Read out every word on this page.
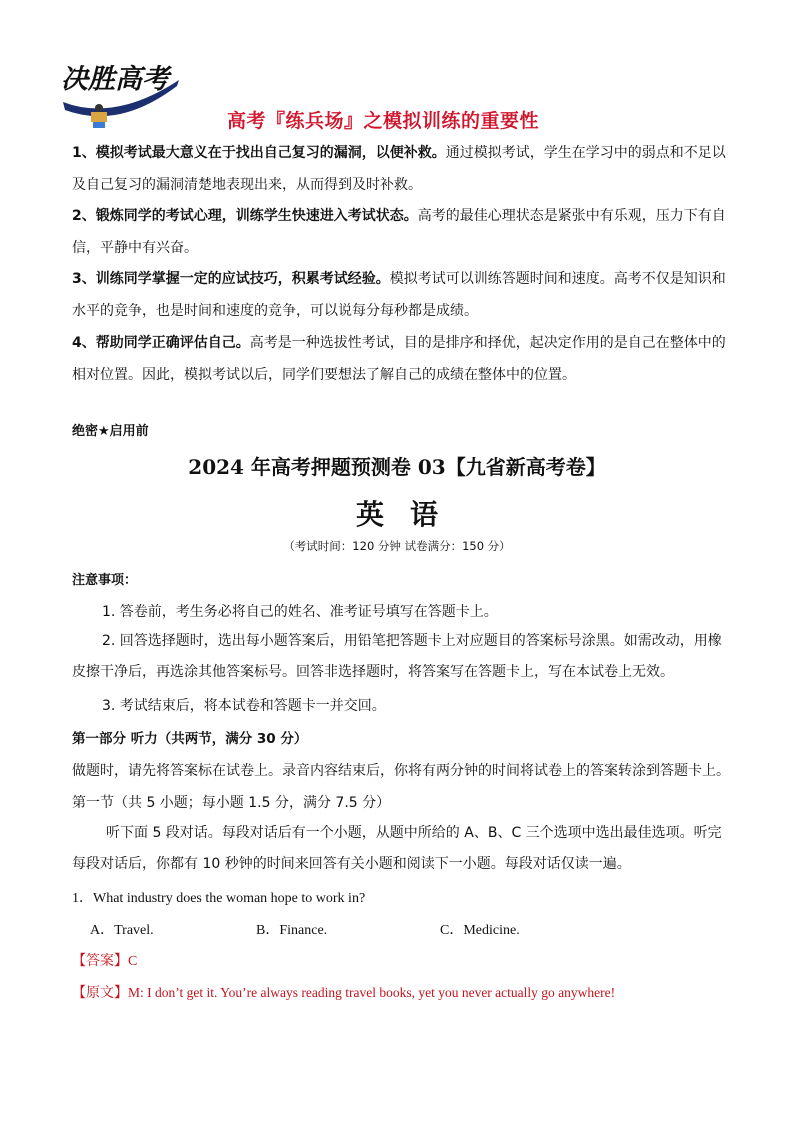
决胜高考
高考『练兵场』之模拟训练的重要性

1、模拟考试最大意义在于找出自己复习的漏洞，以便补救。通过模拟考试，学生在学习中的弱点和不足以及自己复习的漏洞清楚地表现出来，从而得到及时补救。

2、锻炼同学的考试心理，训练学生快速进入考试状态。高考的最佳心理状态是紧张中有乐观，压力下有自信，平静中有兴奋。

3、训练同学掌握一定的应试技巧，积累考试经验。模拟考试可以训练答题时间和速度。高考不仅是知识和水平的竞争，也是时间和速度的竞争，可以说每分每秒都是成绩。

4、帮助同学正确评估自己。高考是一种选拔性考试，目的是排序和择优，起决定作用的是自己在整体中的相对位置。因此，模拟考试以后，同学们要想法了解自己的成绩在整体中的位置。

绝密★启用前
2024 年高考押题预测卷 03【九省新高考卷】
英语
（考试时间：120 分钟 试卷满分：150 分）
注意事项：
1. 答卷前，考生务必将自己的姓名、准考证号填写在答题卡上。
2. 回答选择题时，选出每小题答案后，用铅笔把答题卡上对应题目的答案标号涂黑。如需改动，用橡皮擦干净后，再选涂其他答案标号。回答非选择题时，将答案写在答题卡上，写在本试卷上无效。
3. 考试结束后，将本试卷和答题卡一并交回。
第一部分 听力（共两节，满分 30 分）
做题时，请先将答案标在试卷上。录音内容结束后，你将有两分钟的时间将试卷上的答案转涂到答题卡上。
第一节（共 5 小题；每小题 1.5 分，满分 7.5 分）
听下面 5 段对话。每段对话后有一个小题，从题中所给的 A、B、C 三个选项中选出最佳选项。听完每段对话后，你都有 10 秒钟的时间来回答有关小题和阅读下一小题。每段对话仅读一遍。
1．What industry does the woman hope to work in?
A．Travel.	B．Finance.	C．Medicine.
【答案】C
【原文】M: I don’t get it. You’re always reading travel books, yet you never actually go anywhere!
